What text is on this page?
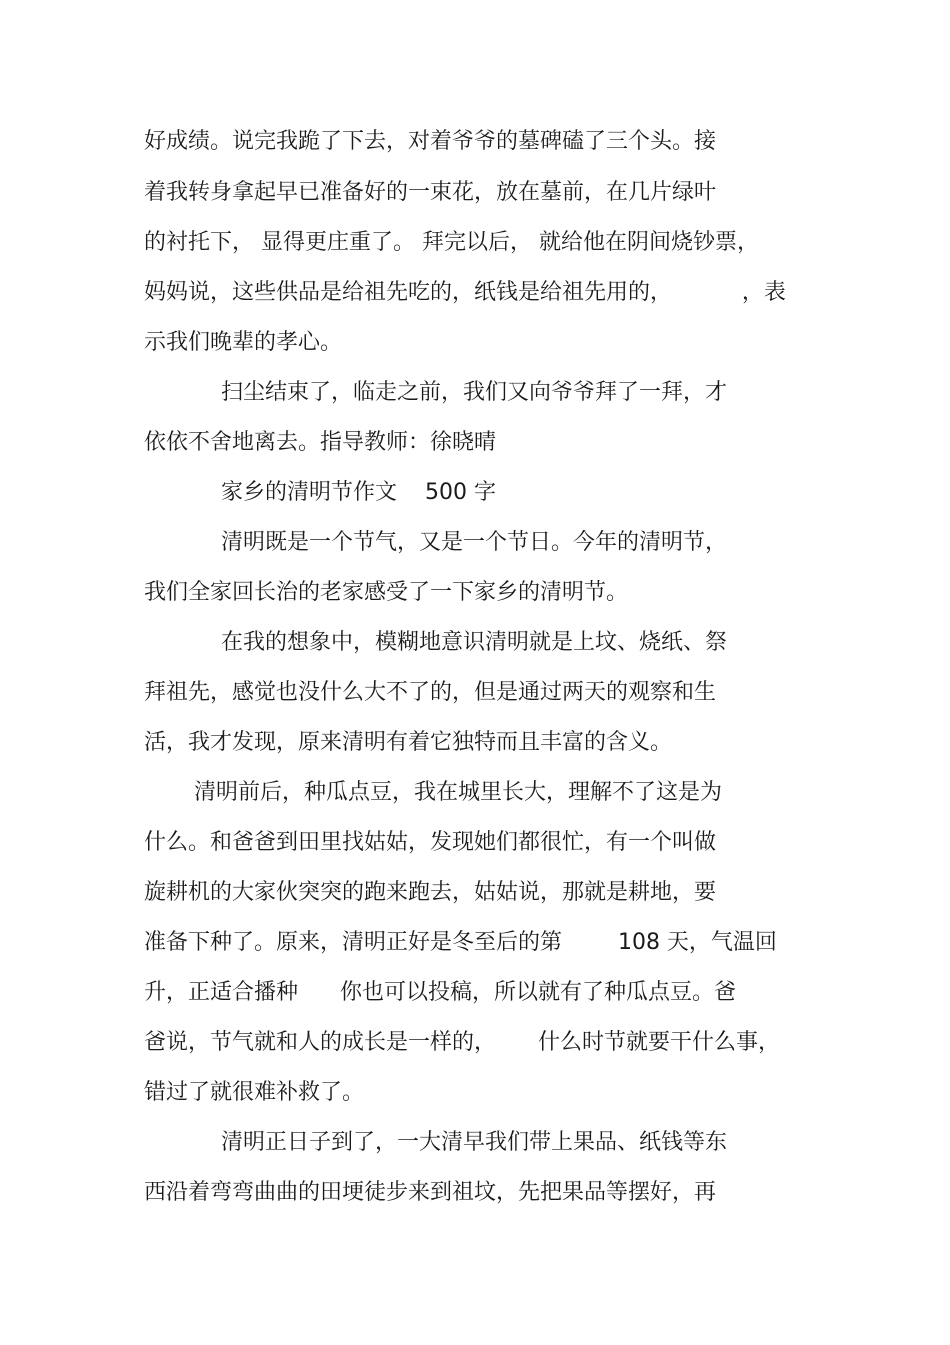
好成绩。说完我跪了下去，对着爷爷的墓碑磕了三个头。接
着我转身拿起早已准备好的一束花，放在墓前，在几片绿叶
的衬托下， 显得更庄重了。 拜完以后， 就给他在阴间烧钞票，
妈妈说，这些供品是给祖先吃的，纸钱是给祖先用的，          ，表
示我们晚辈的孝心。
扫尘结束了，临走之前，我们又向爷爷拜了一拜，才
依依不舍地离去。指导教师：徐晓晴
家乡的清明节作文    500 字
清明既是一个节气，又是一个节日。今年的清明节，
我们全家回长治的老家感受了一下家乡的清明节。
在我的想象中，模糊地意识清明就是上坟、烧纸、祭
拜祖先，感觉也没什么大不了的，但是通过两天的观察和生
活，我才发现，原来清明有着它独特而且丰富的含义。
清明前后，种瓜点豆，我在城里长大，理解不了这是为
什么。和爸爸到田里找姑姑，发现她们都很忙，有一个叫做
旋耕机的大家伙突突的跑来跑去，姑姑说，那就是耕地，要
准备下种了。原来，清明正好是冬至后的第        108 天，气温回
升，正适合播种      你也可以投稿，所以就有了种瓜点豆。爸
爸说，节气就和人的成长是一样的，      什么时节就要干什么事，
错过了就很难补救了。
清明正日子到了，一大清早我们带上果品、纸钱等东
西沿着弯弯曲曲的田埂徒步来到祖坟，先把果品等摆好，再
